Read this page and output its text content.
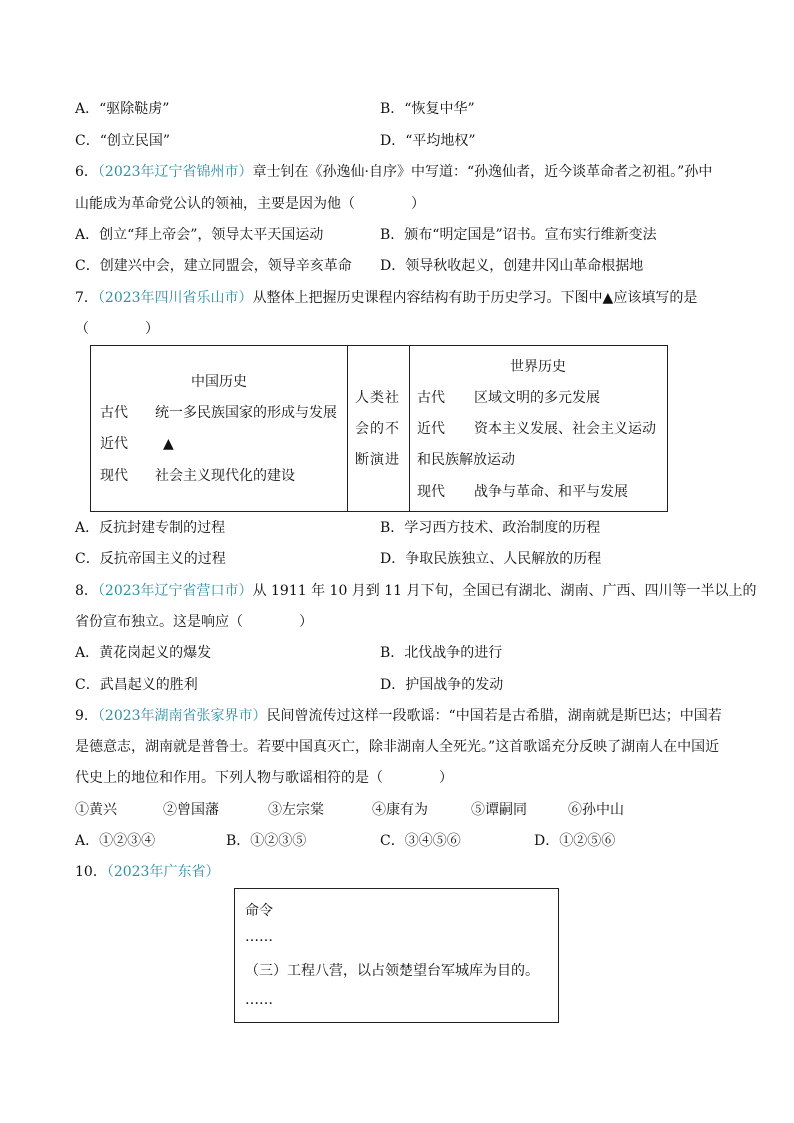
A．“驱除鞑虏”	B．“恢复中华”
C．“创立民国”	D．“平均地权”
6．（2023年辽宁省锦州市）章士钊在《孙逸仙·自序》中写道：“孙逸仙者，近今谈革命者之初祖。”孙中
山能成为革命党公认的领袖，主要是因为他（　　　　）
A．创立“拜上帝会”，领导太平天国运动	B．颁布“明定国是”诏书。宣布实行维新变法
C．创建兴中会，建立同盟会，领导辛亥革命 D．领导秋收起义，创建井冈山革命根据地
7．（2023年四川省乐山市）从整体上把握历史课程内容结构有助于历史学习。下图中▲应该填写的是
（　　　　）
中国历史
古代 统一多民族国家的形成与发展
近代	▲
现代 社会主义现代化的建设
人类社
会的不
断演进
世界历史
古代 区域文明的多元发展
近代 资本主义发展、社会主义运动
和民族解放运动
现代 战争与革命、和平与发展
A．反抗封建专制的过程	B．学习西方技术、政治制度的历程
C．反抗帝国主义的过程	D．争取民族独立、人民解放的历程
8．（2023年辽宁省营口市）从 1911 年 10 月到 11 月下旬，全国已有湖北、湖南、广西、四川等一半以上的
省份宣布独立。这是响应（　　　　）
A．黄花岗起义的爆发	B．北伐战争的进行
C．武昌起义的胜利	D．护国战争的发动
9．（2023年湖南省张家界市）民间曾流传过这样一段歌谣：“中国若是古希腊，湖南就是斯巴达；中国若
是德意志，湖南就是普鲁士。若要中国真灭亡，除非湖南人全死光。”这首歌谣充分反映了湖南人在中国近
代史上的地位和作用。下列人物与歌谣相符的是（　　　　）
①黄兴	②曾国藩	③左宗棠	④康有为	⑤谭嗣同	⑥孙中山
A．①②③④	B．①②③⑤	C．③④⑤⑥	D．①②⑤⑥
10．（2023年广东省）
命令
……
（三）工程八营，以占领楚望台军城库为目的。
……
